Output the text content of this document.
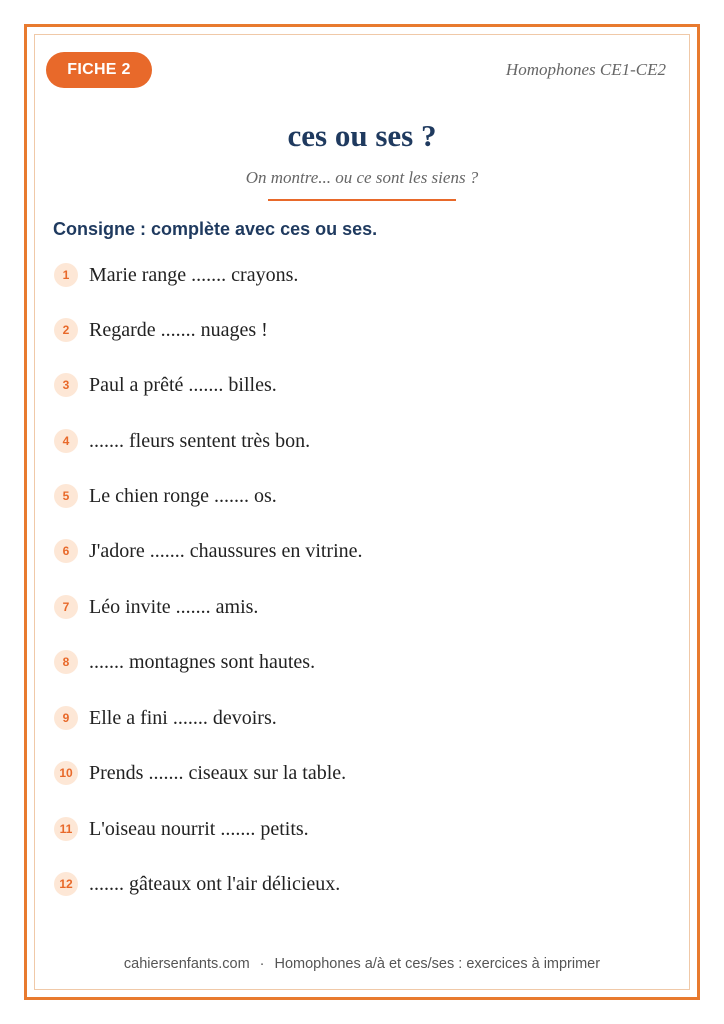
FICHE 2	Homophones CE1-CE2
ces ou ses ?
On montre... ou ce sont les siens ?
Consigne : complète avec ces ou ses.
1 Marie range ....... crayons.
2 Regarde ....... nuages !
3 Paul a prêté ....... billes.
4 ....... fleurs sentent très bon.
5 Le chien ronge ....... os.
6 J'adore ....... chaussures en vitrine.
7 Léo invite ....... amis.
8 ....... montagnes sont hautes.
9 Elle a fini ....... devoirs.
10 Prends ....... ciseaux sur la table.
11 L'oiseau nourrit ....... petits.
12 ....... gâteaux ont l'air délicieux.
cahiersenfants.com · Homophones a/à et ces/ses : exercices à imprimer
